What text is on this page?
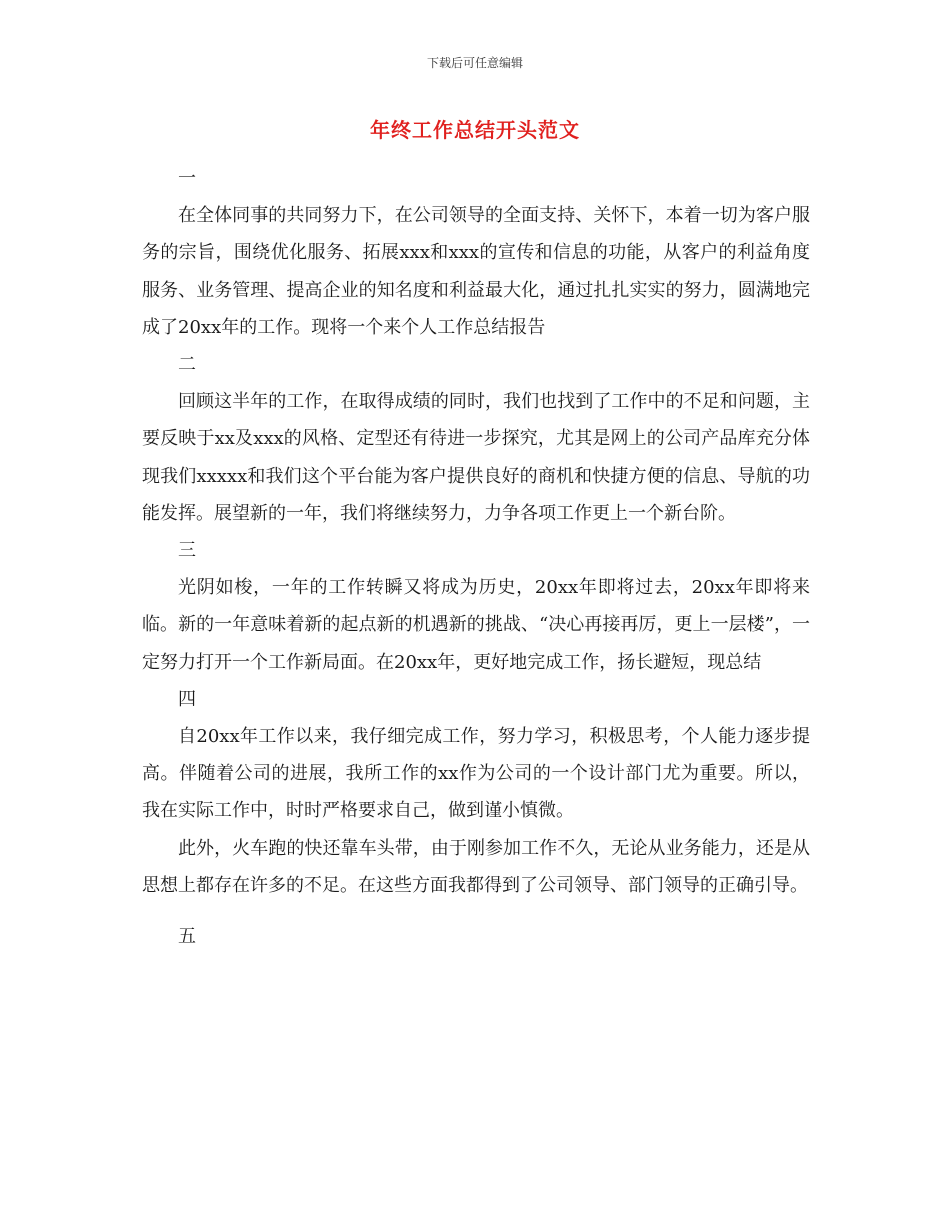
下载后可任意编辑
年终工作总结开头范文

一

在全体同事的共同努力下，在公司领导的全面支持、关怀下，本着一切为客户服务的宗旨，围绕优化服务、拓展xxx和xxx的宣传和信息的功能，从客户的利益角度服务、业务管理、提高企业的知名度和利益最大化，通过扎扎实实的努力，圆满地完成了20xx年的工作。现将一个来个人工作总结报告

二

回顾这半年的工作，在取得成绩的同时，我们也找到了工作中的不足和问题，主要反映于xx及xxx的风格、定型还有待进一步探究，尤其是网上的公司产品库充分体现我们xxxxx和我们这个平台能为客户提供良好的商机和快捷方便的信息、导航的功能发挥。展望新的一年，我们将继续努力，力争各项工作更上一个新台阶。

三

光阴如梭，一年的工作转瞬又将成为历史，20xx年即将过去，20xx年即将来临。新的一年意味着新的起点新的机遇新的挑战、“决心再接再厉，更上一层楼”，一定努力打开一个工作新局面。在20xx年，更好地完成工作，扬长避短，现总结

四

自20xx年工作以来，我仔细完成工作，努力学习，积极思考，个人能力逐步提高。伴随着公司的进展，我所工作的xx作为公司的一个设计部门尤为重要。所以，我在实际工作中，时时严格要求自己，做到谨小慎微。

此外，火车跑的快还靠车头带，由于刚参加工作不久，无论从业务能力，还是从思想上都存在许多的不足。在这些方面我都得到了公司领导、部门领导的正确引导。

五
